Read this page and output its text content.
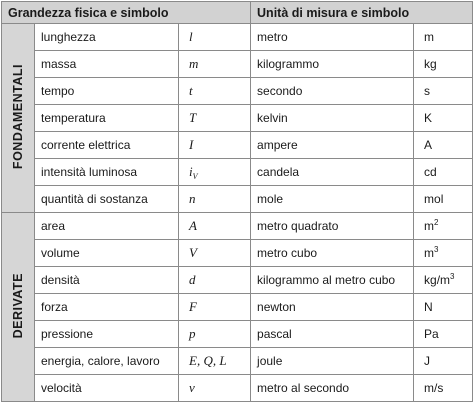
Grandezza fisica e simbolo			Unità di misura e simbolo	
FONDAMENTALI	lunghezza	l	metro	m
	massa	m	kilogrammo	kg
	tempo	t	secondo	s
	temperatura	T	kelvin	K
	corrente elettrica	I	ampere	A
	intensità luminosa	$i_V$	candela	cd
	quantità di sostanza	n	mole	mol
DERIVATE	area	A	metro quadrato	$m^2$
	volume	V	metro cubo	$m^3$
	densità	d	kilogrammo al metro cubo	$kg/m^3$
	forza	F	newton	N
	pressione	p	pascal	Pa
	energia, calore, lavoro	E, Q, L	joule	J
	velocità	v	metro al secondo	m/s
